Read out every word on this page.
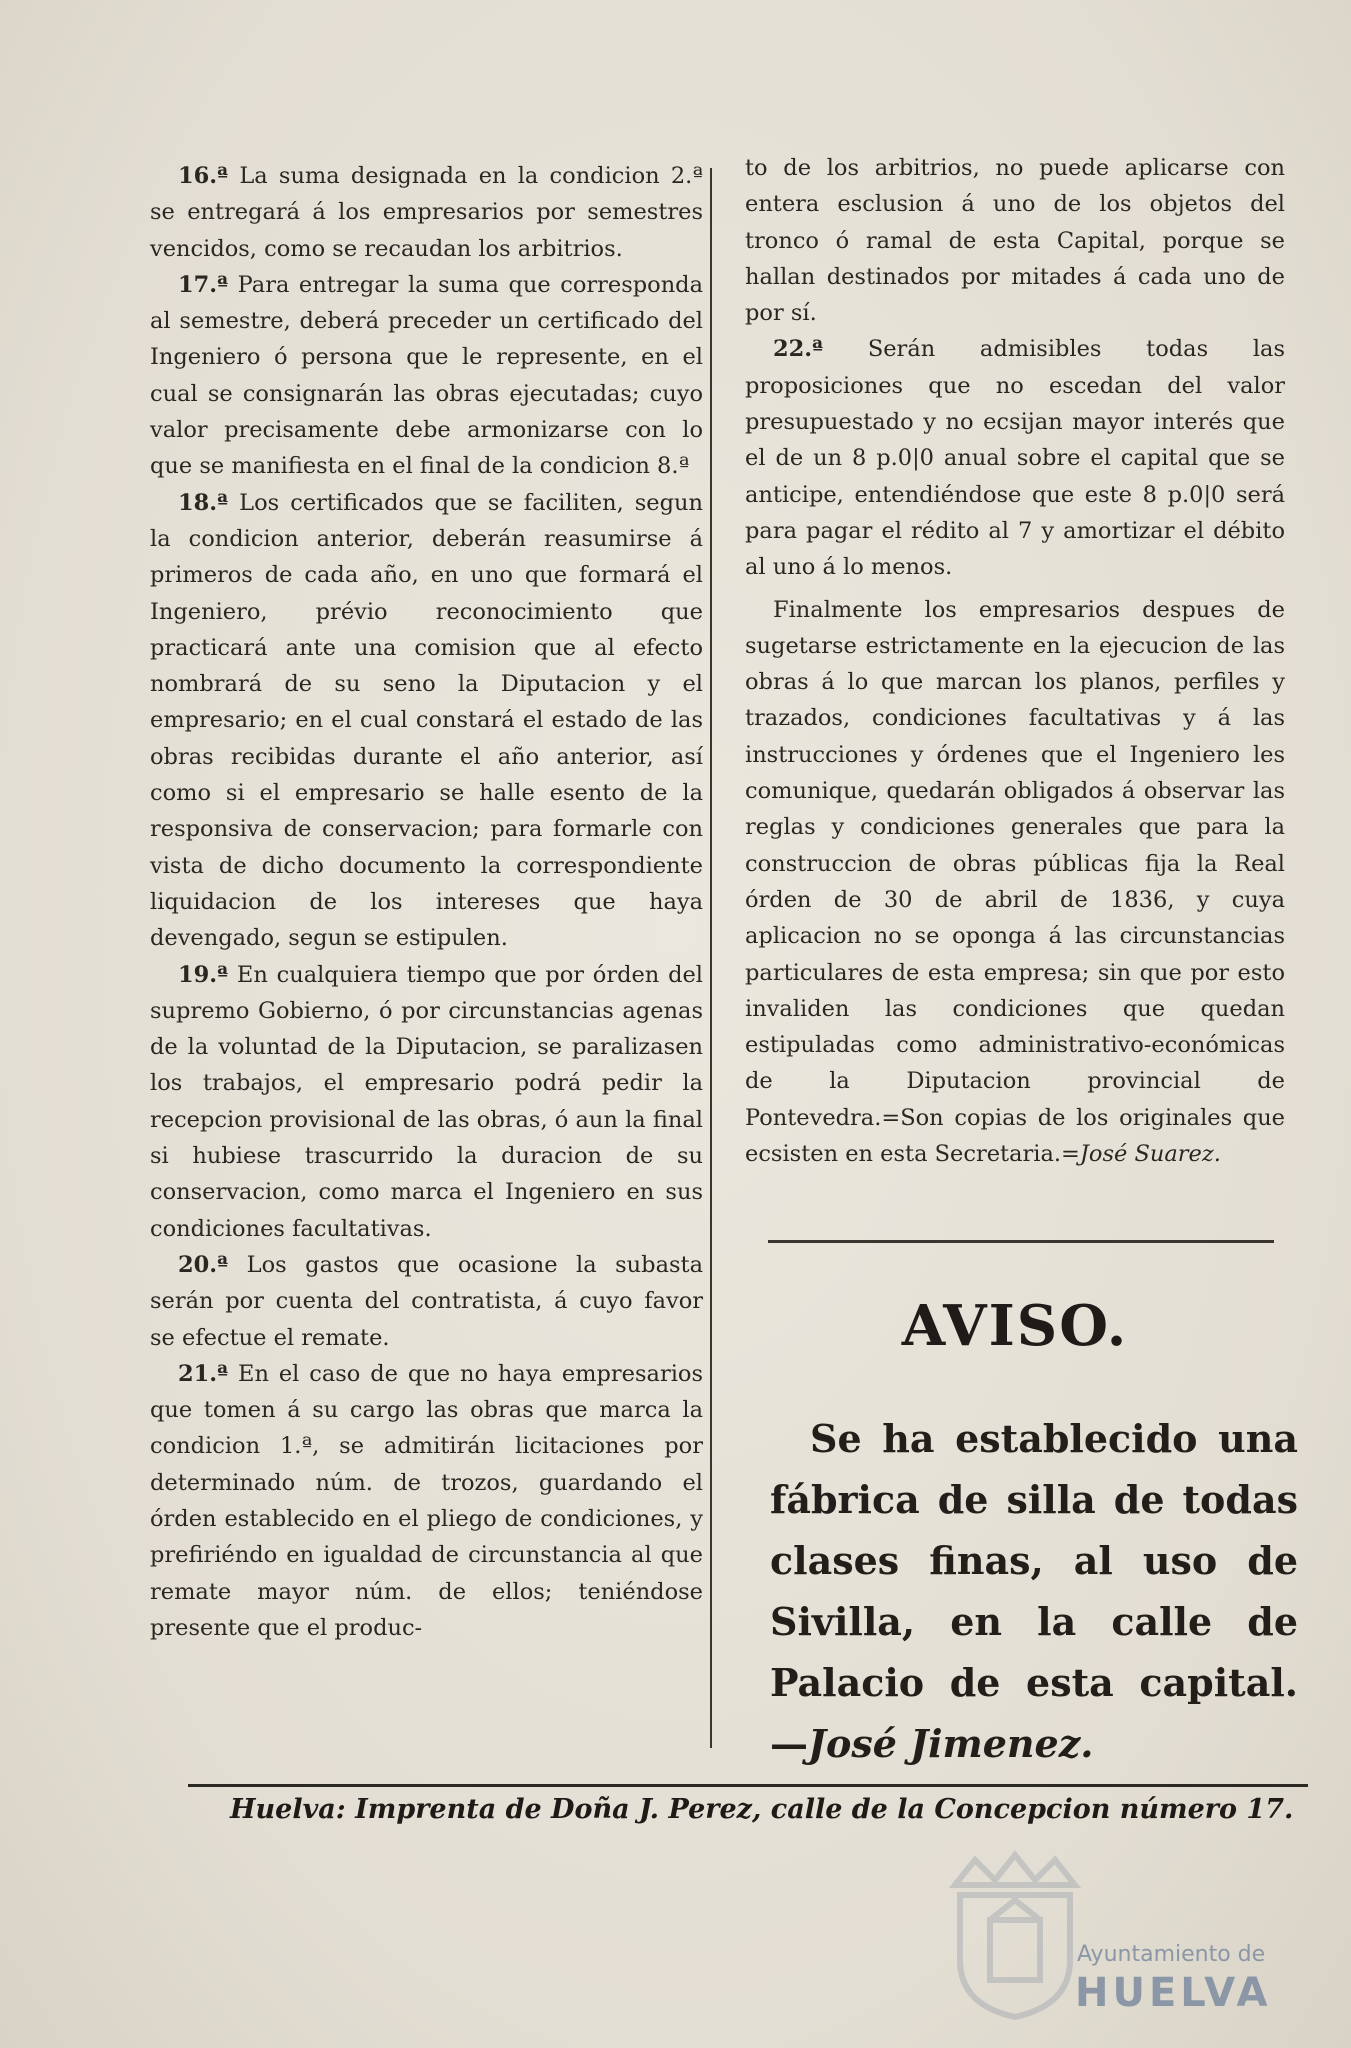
16.ª La suma designada en la condicion 2.ª se entregará á los empresarios por semestres vencidos, como se recaudan los arbitrios.

17.ª Para entregar la suma que corresponda al semestre, deberá preceder un certificado del Ingeniero ó persona que le represente, en el cual se consignarán las obras ejecutadas; cuyo valor precisamente debe armonizarse con lo que se manifiesta en el final de la condicion 8.ª

18.ª Los certificados que se faciliten, segun la condicion anterior, deberán reasumirse á primeros de cada año, en uno que formará el Ingeniero, prévio reconocimiento que practicará ante una comision que al efecto nombrará de su seno la Diputacion y el empresario; en el cual constará el estado de las obras recibidas durante el año anterior, así como si el empresario se halle esento de la responsiva de conservacion; para formarle con vista de dicho documento la correspondiente liquidacion de los intereses que haya devengado, segun se estipulen.

19.ª En cualquiera tiempo que por órden del supremo Gobierno, ó por circunstancias agenas de la voluntad de la Diputacion, se paralizasen los trabajos, el empresario podrá pedir la recepcion provisional de las obras, ó aun la final si hubiese trascurrido la duracion de su conservacion, como marca el Ingeniero en sus condiciones facultativas.

20.ª Los gastos que ocasione la subasta serán por cuenta del contratista, á cuyo favor se efectue el remate.

21.ª En el caso de que no haya empresarios que tomen á su cargo las obras que marca la condicion 1.ª, se admitirán licitaciones por determinado núm. de trozos, guardando el órden establecido en el pliego de condiciones, y prefiriéndo en igualdad de circunstancia al que remate mayor núm. de ellos; teniéndose presente que el produc-

to de los arbitrios, no puede aplicarse con entera esclusion á uno de los objetos del tronco ó ramal de esta Capital, porque se hallan destinados por mitades á cada uno de por sí.

22.ª Serán admisibles todas las proposiciones que no escedan del valor presupuestado y no ecsijan mayor interés que el de un 8 p.0|0 anual sobre el capital que se anticipe, entendiéndose que este 8 p.0|0 será para pagar el rédito al 7 y amortizar el débito al uno á lo menos.

Finalmente los empresarios despues de sugetarse estrictamente en la ejecucion de las obras á lo que marcan los planos, perfiles y trazados, condiciones facultativas y á las instrucciones y órdenes que el Ingeniero les comunique, quedarán obligados á observar las reglas y condiciones generales que para la construccion de obras públicas fija la Real órden de 30 de abril de 1836, y cuya aplicacion no se oponga á las circunstancias particulares de esta empresa; sin que por esto invaliden las condiciones que quedan estipuladas como administrativo-económicas de la Diputacion provincial de Pontevedra.=Son copias de los originales que ecsisten en esta Secretaria.=José Suarez.

AVISO.

Se ha establecido una fábrica de silla de todas clases finas, al uso de Sivilla, en la calle de Palacio de esta capital.—José Jimenez.

Huelva: Imprenta de Doña J. Perez, calle de la Concepcion número 17.
Ayuntamiento de
HUELVA
